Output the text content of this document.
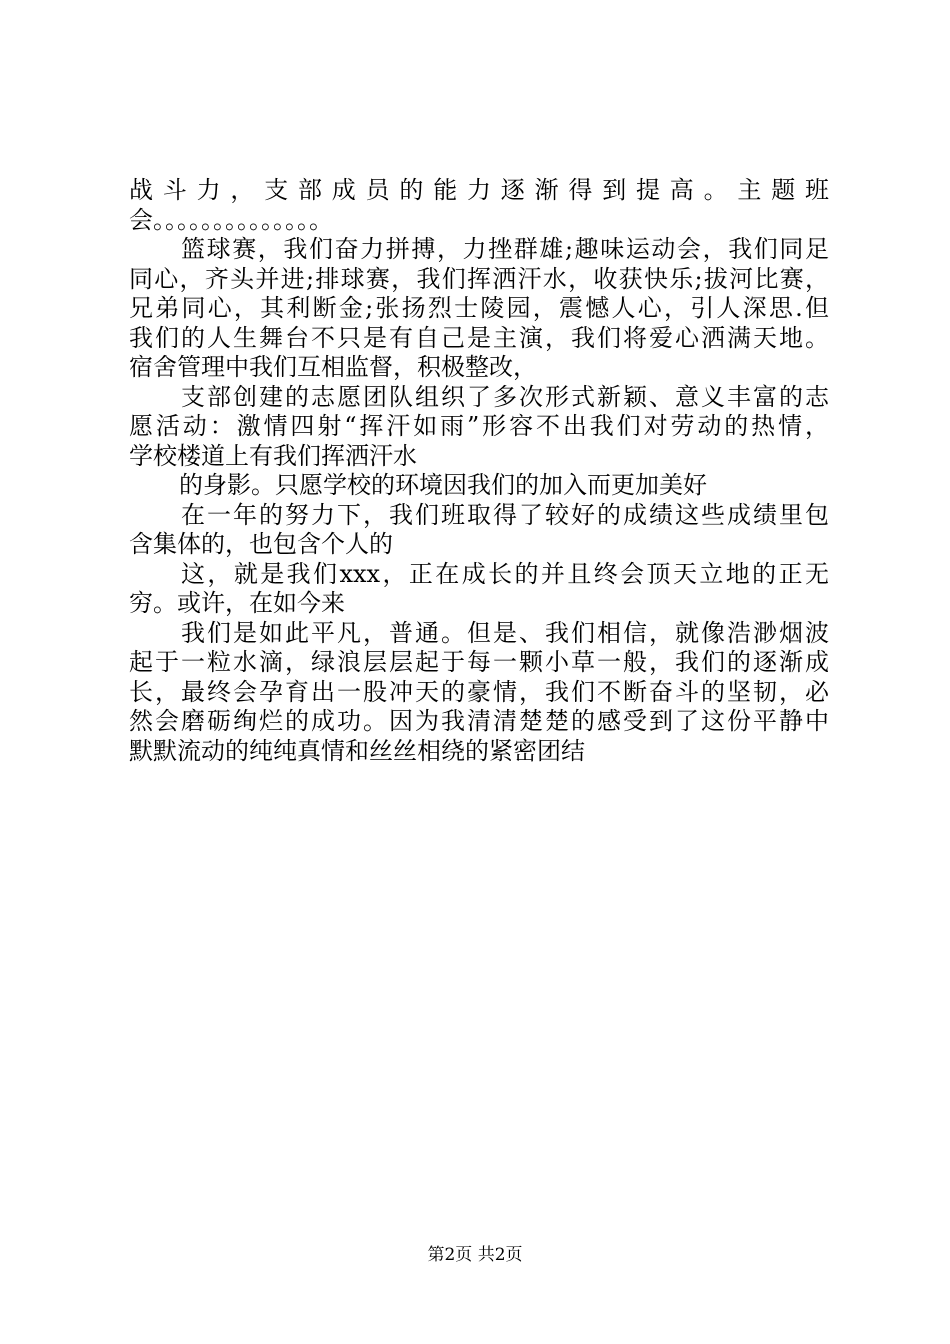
战斗力，支部成员的能力逐渐得到提高。主题班
会。。。。。。。。。。。。。。
篮球赛，我们奋力拼搏，力挫群雄;趣味运动会，我们同足
同心，齐头并进;排球赛，我们挥洒汗水，收获快乐;拔河比赛，
兄弟同心，其利断金;张扬烈士陵园，震憾人心，引人深思.但
我们的人生舞台不只是有自己是主演，我们将爱心洒满天地。
宿舍管理中我们互相监督，积极整改，
支部创建的志愿团队组织了多次形式新颖、意义丰富的志
愿活动：激情四射“挥汗如雨”形容不出我们对劳动的热情，
学校楼道上有我们挥洒汗水
的身影。只愿学校的环境因我们的加入而更加美好
在一年的努力下，我们班取得了较好的成绩这些成绩里包
含集体的，也包含个人的
这，就是我们xxx，正在成长的并且终会顶天立地的正无
穷。或许，在如今来
我们是如此平凡，普通。但是、我们相信，就像浩渺烟波
起于一粒水滴，绿浪层层起于每一颗小草一般，我们的逐渐成
长，最终会孕育出一股冲天的豪情，我们不断奋斗的坚韧，必
然会磨砺绚烂的成功。因为我清清楚楚的感受到了这份平静中
默默流动的纯纯真情和丝丝相绕的紧密团结
第2页 共2页
